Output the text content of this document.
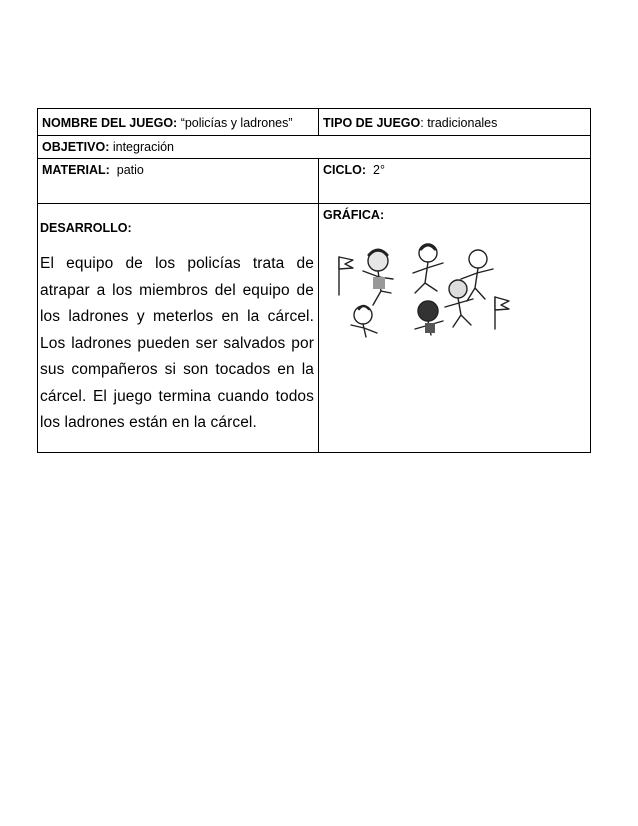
NOMBRE DEL JUEGO: “policías y ladrones”	TIPO DE JUEGO: tradicionales

OBJETIVO: integración	

MATERIAL:  patio	CICLO:  2°

DESARROLLO:
El equipo de los policías trata de atrapar a los miembros del equipo de los ladrones y meterlos en la cárcel. Los ladrones pueden ser salvados por sus compañeros si son tocados en la cárcel. El juego termina cuando todos los ladrones están en la cárcel.	GRÁFICA:
